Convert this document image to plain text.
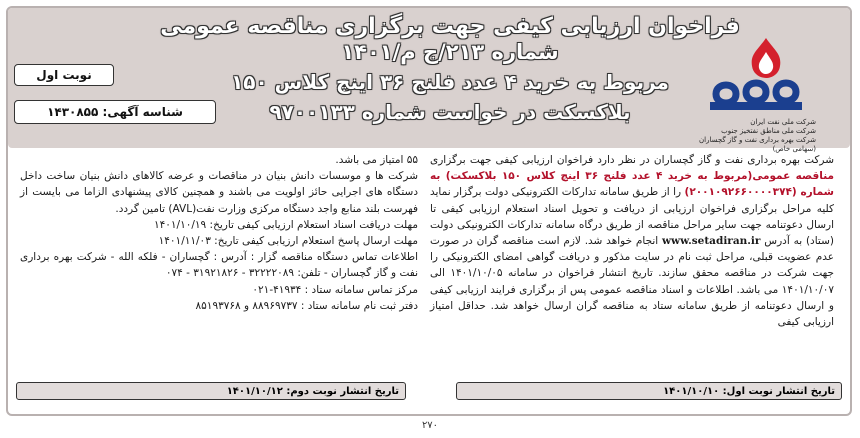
فراخوان ارزیابی کیفی جهت برگزاری مناقصه عمومی
شماره ۲۱۳/ج م/۱۴۰۱
مربوط به خرید ۴ عدد فلنج ۳۶ اینچ کلاس ۱۵۰
بلاکسکت در خواست شماره ۹۷۰۰۱۳۳	شرکت ملی نفت ایران
شرکت ملی مناطق نفتخیز جنوب
شرکت بهره برداری نفت و گاز گچساران (سهامی خاص)
نوبت اول
شناسه آگهی: ۱۴۳۰۸۵۵
شرکت بهره برداری نفت و گاز گچساران در نظر دارد فراخوان ارزیابی کیفی جهت برگزاری مناقصه عمومی(مربوط به خرید ۴ عدد فلنج ۳۶ اینچ کلاس ۱۵۰ بلاکسکت) به شماره (۲۰۰۱۰۹۲۶۶۰۰۰۰۳۷۴) را از طریق سامانه تدارکات الکترونیکی دولت برگزار نماید کلیه مراحل برگزاری فراخوان ارزیابی از دریافت و تحویل اسناد استعلام ارزیابی کیفی تا ارسال دعوتنامه جهت سایر مراحل مناقصه از طریق درگاه سامانه تدارکات الکترونیکی دولت (ستاد) به آدرس www.setadiran.ir انجام خواهد شد. لازم است مناقصه گران در صورت عدم عضویت قبلی، مراحل ثبت نام در سایت مذکور و دریافت گواهی امضای الکترونیکی را جهت شرکت در مناقصه محقق سازند. تاریخ انتشار فراخوان در سامانه ۱۴۰۱/۱۰/۰۵ الی ۱۴۰۱/۱۰/۰۷ می باشد. اطلاعات و اسناد مناقصه عمومی پس از برگزاری فرایند ارزیابی کیفی و ارسال دعوتنامه از طریق سامانه ستاد به مناقصه گران ارسال خواهد شد. حداقل امتیاز ارزیابی کیفی
۵۵ امتیاز می باشد.
شرکت ها و موسسات دانش بنیان در مناقصات و عرضه کالاهای دانش بنیان ساخت داخل دستگاه های اجرایی حائز اولویت می باشند و همچنین کالای پیشنهادی الزاما می بایست از فهرست بلند منابع واجد دستگاه مرکزی وزارت نفت(AVL) تامین گردد.
مهلت دریافت اسناد استعلام ارزیابی کیفی تاریخ: ۱۴۰۱/۱۰/۱۹
مهلت ارسال پاسخ استعلام ارزیابی کیفی تاریخ: ۱۴۰۱/۱۱/۰۳
اطلاعات تماس دستگاه مناقصه گزار : آدرس : گچساران - فلکه الله - شرکت بهره برداری نفت و گاز گچساران - تلفن: ۳۲۲۲۲۰۸۹ - ۳۱۹۲۱۸۲۶ - ۰۷۴
مرکز تماس سامانه ستاد : ۴۱۹۳۴-۰۲۱
دفتر ثبت نام سامانه ستاد : ۸۸۹۶۹۷۳۷ و ۸۵۱۹۳۷۶۸
تاریخ انتشار نوبت اول: ۱۴۰۱/۱۰/۱۰
تاریخ انتشار نوبت دوم: ۱۴۰۱/۱۰/۱۲
۲۷۰
